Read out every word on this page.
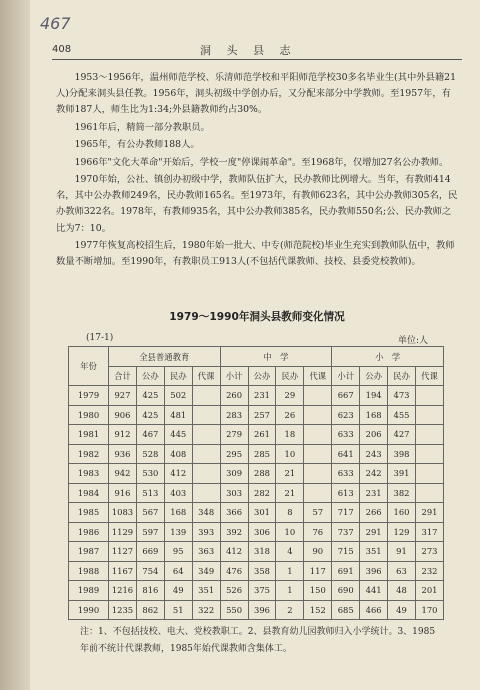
467
408	洞 头 县 志

1953～1956年，温州师范学校、乐清师范学校和平阳师范学校30多名毕业生(其中外县籍21人)分配来洞头县任教。1956年，洞头初级中学创办后，又分配来部分中学教师。至1957年，有教师187人，师生比为1:34;外县籍教师约占30%。

1961年后，精简一部分教职员。

1965年，有公办教师188人。

1966年"文化大革命"开始后，学校一度"停课闹革命"。至1968年，仅增加27名公办教师。

1970年始，公社、镇创办初级中学，教师队伍扩大，民办教师比例增大。当年，有教师414名，其中公办教师249名，民办教师165名。至1973年，有教师623名，其中公办教师305名，民办教师322名。1978年，有教师935名，其中公办教师385名，民办教师550名;公、民办教师之比为7：10。

1977年恢复高校招生后，1980年始一批大、中专(师范院校)毕业生充实到教师队伍中，教师数量不断增加。至1990年，有教职员工913人(不包括代课教师、技校、县委党校教师)。

1979～1990年洞头县教师变化情况
(17-1)	单位:人
年份	全县普通教育				中　学				小　学			
	合计	公办	民办	代课	小计	公办	民办	代课	小计	公办	民办	代课
1979	927	425	502		260	231	29		667	194	473	
1980	906	425	481		283	257	26		623	168	455	
1981	912	467	445		279	261	18		633	206	427	
1982	936	528	408		295	285	10		641	243	398	
1983	942	530	412		309	288	21		633	242	391	
1984	916	513	403		303	282	21		613	231	382	
1985	1083	567	168	348	366	301	8	57	717	266	160	291
1986	1129	597	139	393	392	306	10	76	737	291	129	317
1987	1127	669	95	363	412	318	4	90	715	351	91	273
1988	1167	754	64	349	476	358	1	117	691	396	63	232
1989	1216	816	49	351	526	375	1	150	690	441	48	201
1990	1235	862	51	322	550	396	2	152	685	466	49	170
注：1、不包括技校、电大、党校教职工。2、县教育幼儿园教师归入小学统计。3、1985
年前不统计代课教师，1985年始代课教师含集体工。
